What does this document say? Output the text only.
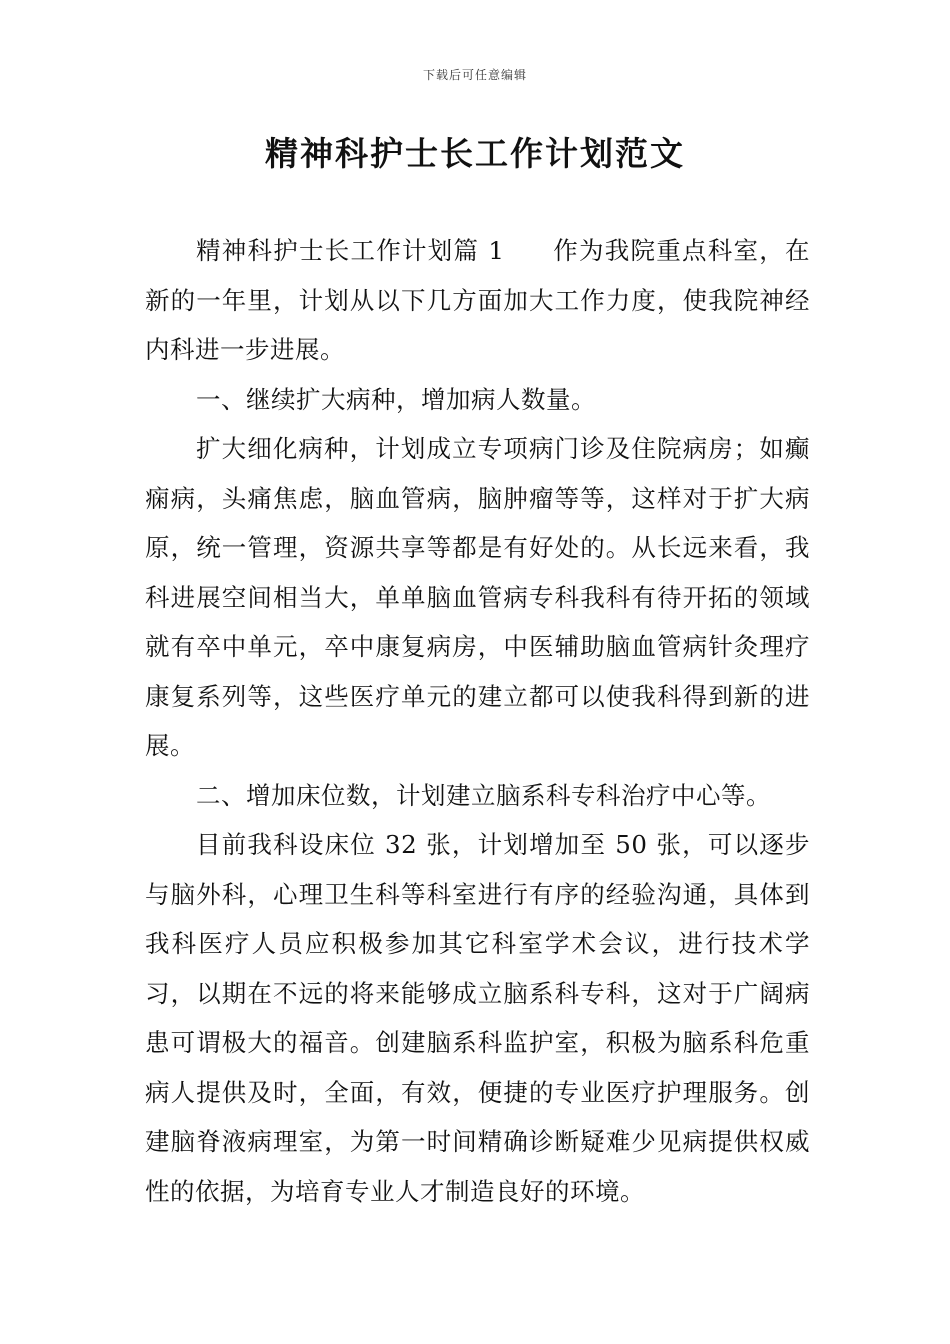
下载后可任意编辑
精神科护士长工作计划范文

精神科护士长工作计划篇 1 作为我院重点科室，在新的一年里，计划从以下几方面加大工作力度，使我院神经内科进一步进展。

一、继续扩大病种，增加病人数量。

扩大细化病种，计划成立专项病门诊及住院病房；如癫痫病，头痛焦虑，脑血管病，脑肿瘤等等，这样对于扩大病原，统一管理，资源共享等都是有好处的。从长远来看，我科进展空间相当大，单单脑血管病专科我科有待开拓的领域就有卒中单元，卒中康复病房，中医辅助脑血管病针灸理疗康复系列等，这些医疗单元的建立都可以使我科得到新的进展。

二、增加床位数，计划建立脑系科专科治疗中心等。

目前我科设床位 32 张，计划增加至 50 张，可以逐步与脑外科，心理卫生科等科室进行有序的经验沟通，具体到我科医疗人员应积极参加其它科室学术会议，进行技术学习，以期在不远的将来能够成立脑系科专科，这对于广阔病患可谓极大的福音。创建脑系科监护室，积极为脑系科危重病人提供及时，全面，有效，便捷的专业医疗护理服务。创建脑脊液病理室，为第一时间精确诊断疑难少见病提供权威性的依据，为培育专业人才制造良好的环境。
